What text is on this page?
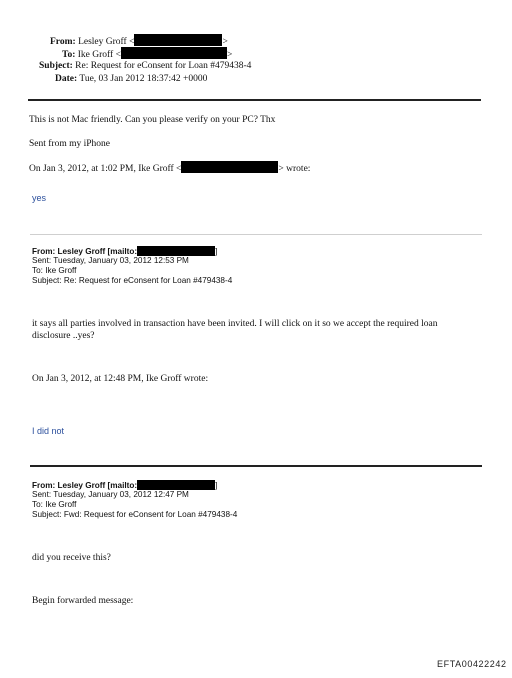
From: Lesley Groff <	>
To: Ike Groff <	>
Subject: Re: Request for eConsent for Loan #479438-4
Date: Tue, 03 Jan 2012 18:37:42 +0000
This is not Mac friendly. Can you please verify on your PC? Thx
Sent from my iPhone
On Jan 3, 2012, at 1:02 PM, Ike Groff <	> wrote:
yes
From: Lesley Groff [mailto:	]
Sent: Tuesday, January 03, 2012 12:53 PM
To: Ike Groff
Subject: Re: Request for eConsent for Loan #479438-4
it says all parties involved in transaction have been invited. I will click on it so we accept the required loan
disclosure ..yes?
On Jan 3, 2012, at 12:48 PM, Ike Groff wrote:
I did not
From: Lesley Groff [mailto:	]
Sent: Tuesday, January 03, 2012 12:47 PM
To: Ike Groff
Subject: Fwd: Request for eConsent for Loan #479438-4
did you receive this?
Begin forwarded message:
EFTA00422242
